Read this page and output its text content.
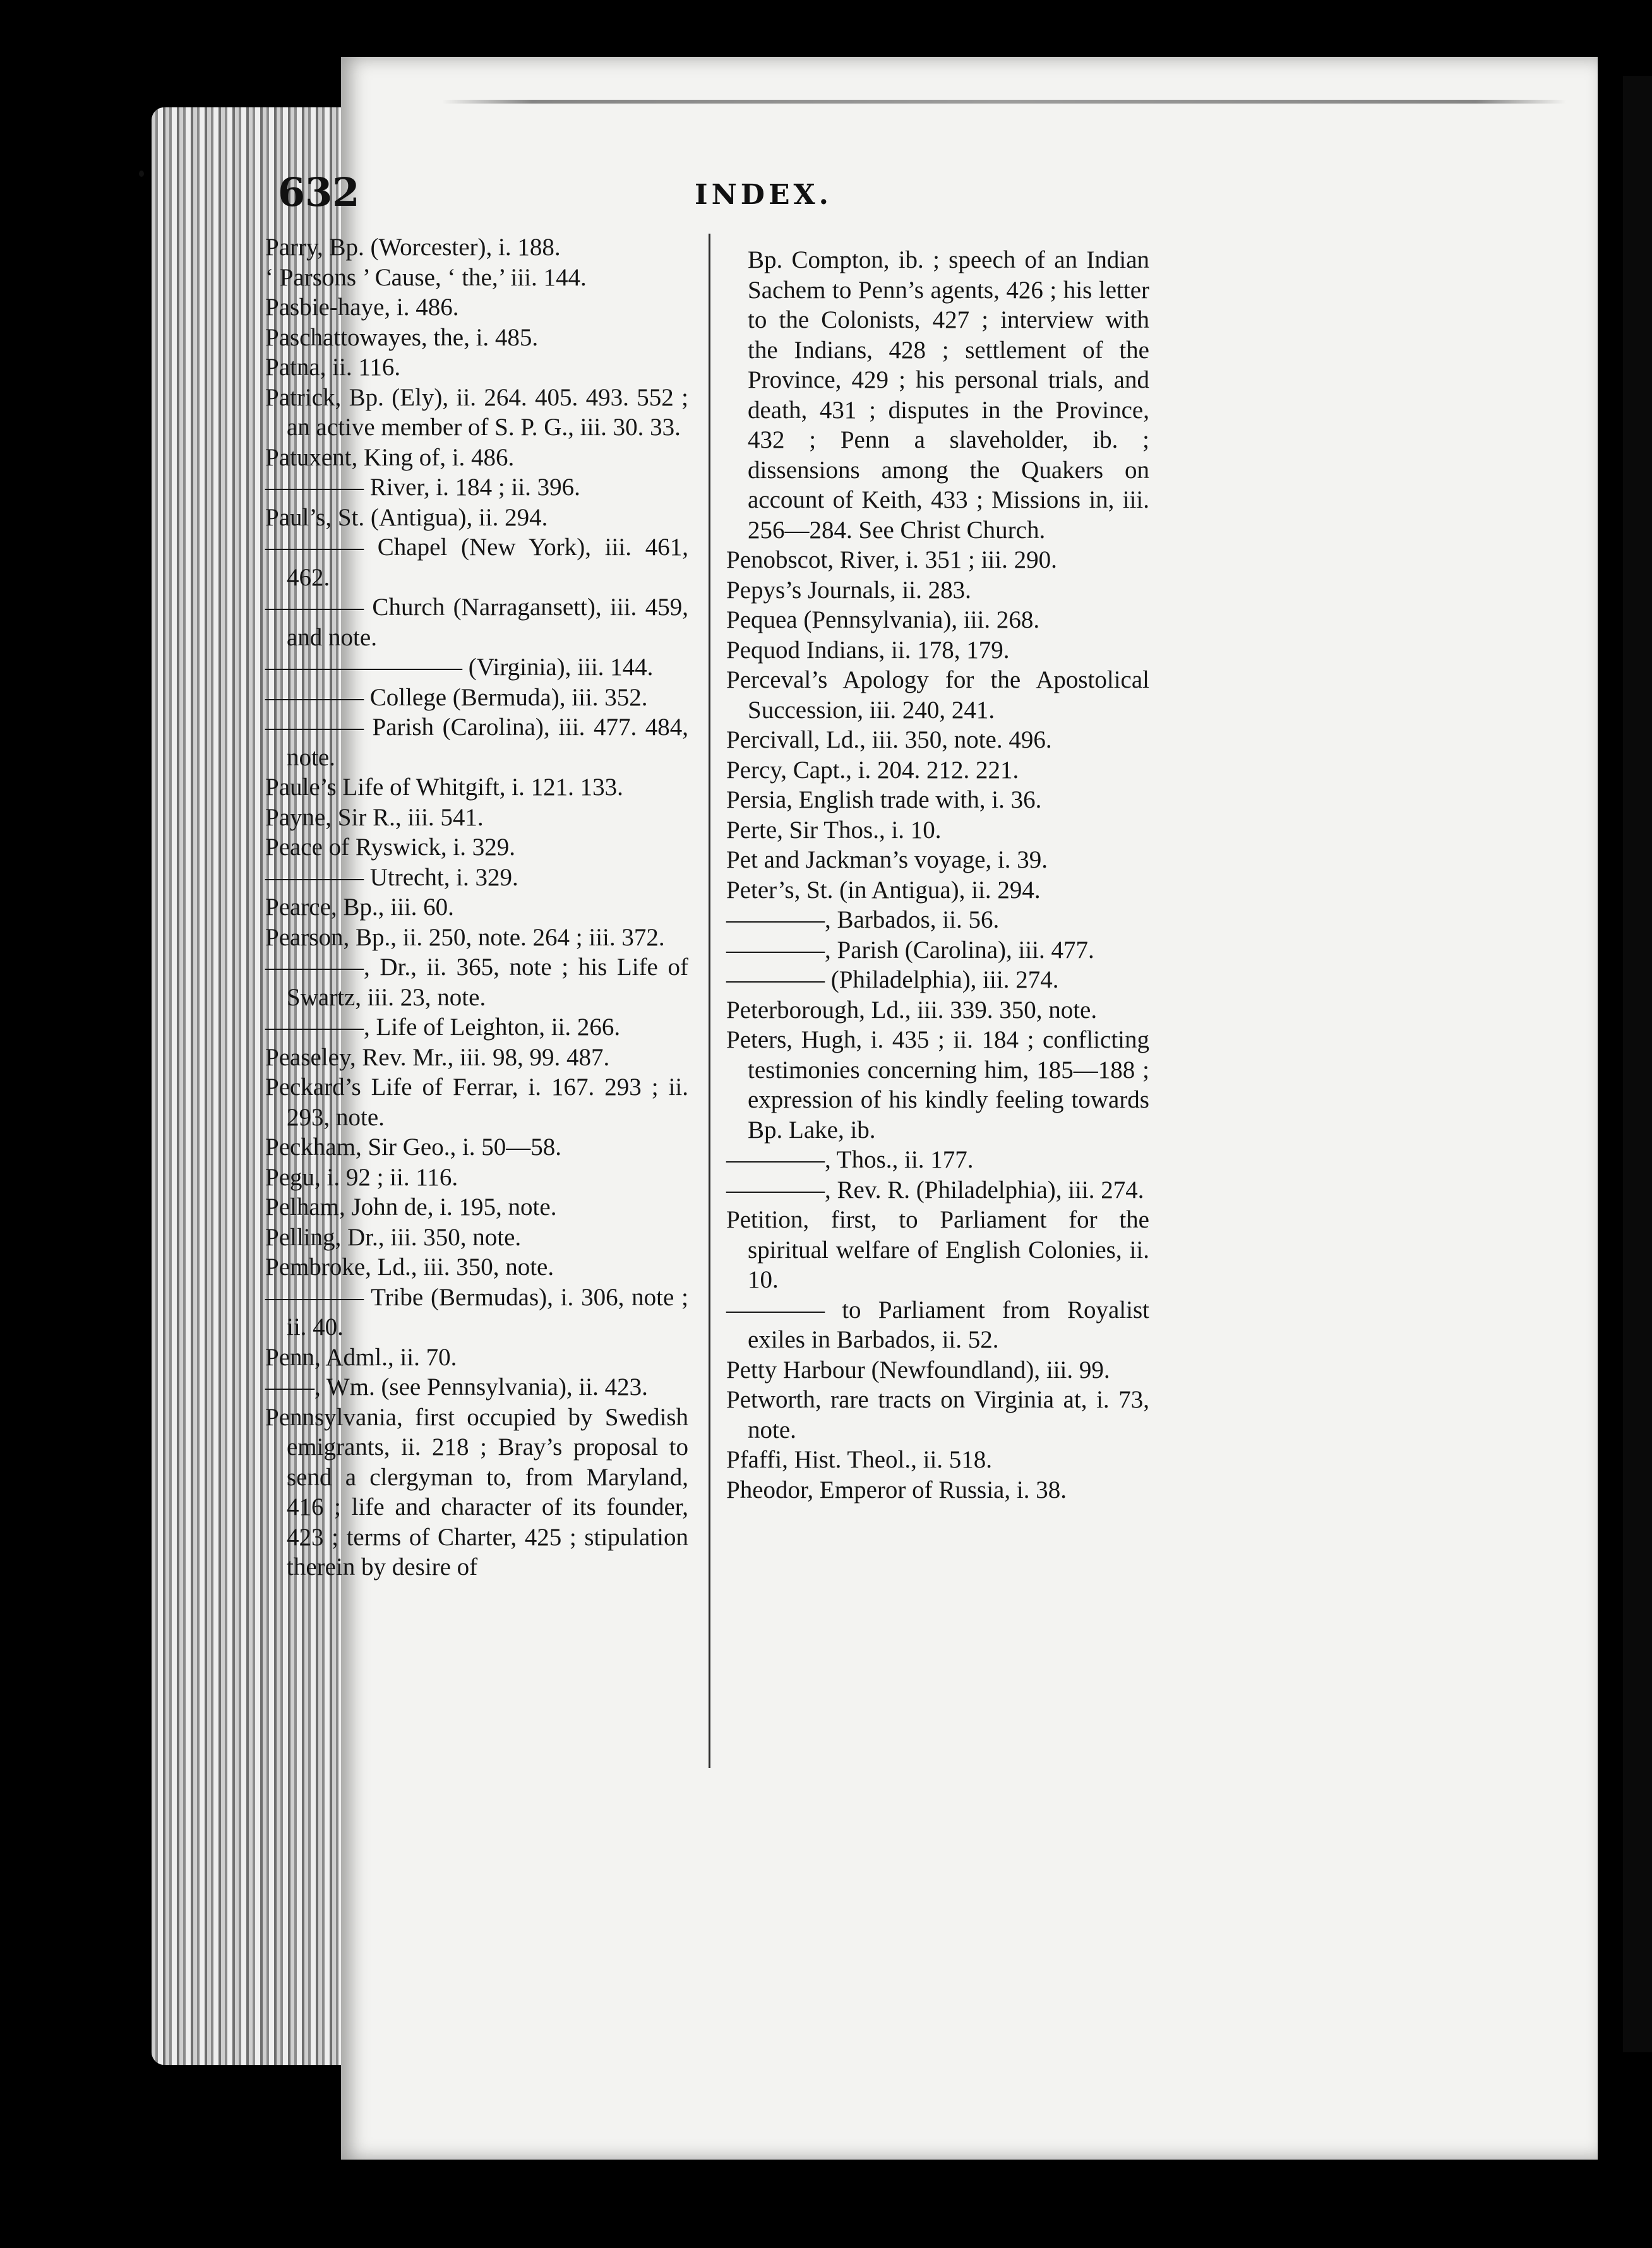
632	INDEX.
Parry, Bp. (Worcester), i. 188.
‘ Parsons ’ Cause, ‘ the,’ iii. 144.
Pasbie-haye, i. 486.
Paschattowayes, the, i. 485.
Patna, ii. 116.
Patrick, Bp. (Ely), ii. 264. 405. 493. 552 ; an active member of S. P. G., iii. 30. 33.
Patuxent, King of, i. 486.
———— River, i. 184 ; ii. 396.
Paul’s, St. (Antigua), ii. 294.
———— Chapel (New York), iii. 461, 462.
———— Church (Narragansett), iii. 459, and note.
———————— (Virginia), iii. 144.
———— College (Bermuda), iii. 352.
———— Parish (Carolina), iii. 477. 484, note.
Paule’s Life of Whitgift, i. 121. 133.
Payne, Sir R., iii. 541.
Peace of Ryswick, i. 329.
———— Utrecht, i. 329.
Pearce, Bp., iii. 60.
Pearson, Bp., ii. 250, note. 264 ; iii. 372.
————, Dr., ii. 365, note ; his Life of Swartz, iii. 23, note.
————, Life of Leighton, ii. 266.
Peaseley, Rev. Mr., iii. 98, 99. 487.
Peckard’s Life of Ferrar, i. 167. 293 ; ii. 293, note.
Peckham, Sir Geo., i. 50—58.
Pegu, i. 92 ; ii. 116.
Pelham, John de, i. 195, note.
Pelling, Dr., iii. 350, note.
Pembroke, Ld., iii. 350, note.
———— Tribe (Bermudas), i. 306, note ; ii. 40.
Penn, Adml., ii. 70.
——, Wm. (see Pennsylvania), ii. 423.
Pennsylvania, first occupied by Swedish emigrants, ii. 218 ; Bray’s proposal to send a clergyman to, from Maryland, 416 ; life and character of its founder, 423 ; terms of Charter, 425 ; stipulation therein by desire of
Bp. Compton, ib. ; speech of an Indian Sachem to Penn’s agents, 426 ; his letter to the Colonists, 427 ; interview with the Indians, 428 ; settlement of the Province, 429 ; his personal trials, and death, 431 ; disputes in the Province, 432 ; Penn a slaveholder, ib. ; dissensions among the Quakers on account of Keith, 433 ; Missions in, iii. 256—284. See Christ Church.
Penobscot, River, i. 351 ; iii. 290.
Pepys’s Journals, ii. 283.
Pequea (Pennsylvania), iii. 268.
Pequod Indians, ii. 178, 179.
Perceval’s Apology for the Apostolical Succession, iii. 240, 241.
Percivall, Ld., iii. 350, note. 496.
Percy, Capt., i. 204. 212. 221.
Persia, English trade with, i. 36.
Perte, Sir Thos., i. 10.
Pet and Jackman’s voyage, i. 39.
Peter’s, St. (in Antigua), ii. 294.
————, Barbados, ii. 56.
————, Parish (Carolina), iii. 477.
———— (Philadelphia), iii. 274.
Peterborough, Ld., iii. 339. 350, note.
Peters, Hugh, i. 435 ; ii. 184 ; conflicting testimonies concerning him, 185—188 ; expression of his kindly feeling towards Bp. Lake, ib.
————, Thos., ii. 177.
————, Rev. R. (Philadelphia), iii. 274.
Petition, first, to Parliament for the spiritual welfare of English Colonies, ii. 10.
———— to Parliament from Royalist exiles in Barbados, ii. 52.
Petty Harbour (Newfoundland), iii. 99.
Petworth, rare tracts on Virginia at, i. 73, note.
Pfaffi, Hist. Theol., ii. 518.
Pheodor, Emperor of Russia, i. 38.
